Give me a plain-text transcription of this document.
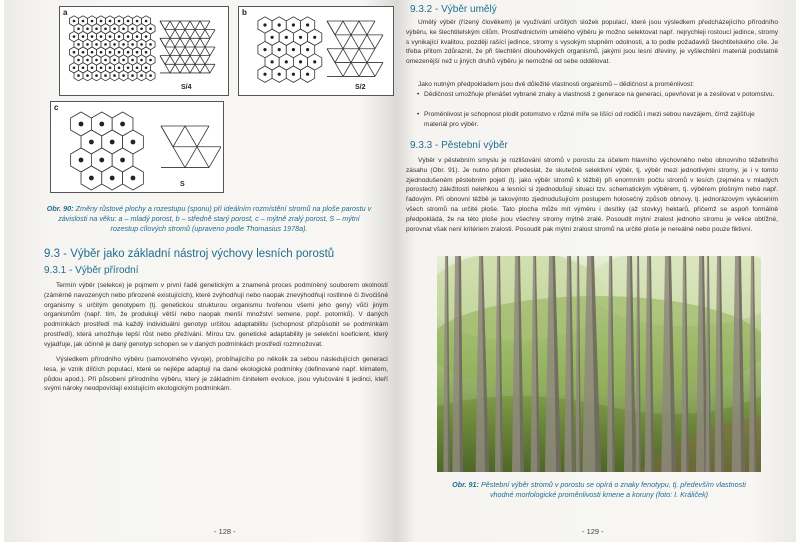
a
S/4
b
S/2
c
S
Obr. 90: Změny růstové plochy a rozestupu (sponu) při ideálním rozmístění stromů na ploše parostu v závislosti na věku: a – mladý porost, b – středně starý porost, c – mýtně zralý porost, S – mýtní rozestup cílových stromů (upraveno podle Thomasius 1978a).
9.3 - Výběr jako základní nástroj výchovy lesních porostů
9.3.1 - Výběr přírodní
Termín výběr (selekce) je pojmem v první řadě genetickým a znamená proces podmíněný souborem okolností (záměrně navozených nebo přirozeně existujících), které zvýhodňují nebo naopak znevýhodňují rostlinné či živočišné organismy s určitým genotypem (tj. genetickou strukturou organismu tvořenou všemi jeho geny) vůči jiným organismům (např. tím, že produkují větší nebo naopak menší množství semene, popř. potomků). V daných podmínkách prostředí má každý individuální genotyp určitou adaptabilitu (schopnost přizpůsobit se podmínkám prostředí), která umožňuje lepší růst nebo přežívání. Mírou tzv. genetické adaptability je selekční koeficient, který vyjadřuje, jak účinně je daný genotyp schopen se v daných podmínkách prostředí rozmnožovat.
Výsledkem přírodního výběru (samovolného vývoje), probíhajícího po několik za sebou následujících generací lesa, je vznik dílčích populací, které se nejlépe adaptují na dané ekologické podmínky (definované např. klimatem, půdou apod.). Při působení přírodního výběru, který je základním činitelem evoluce, jsou vylučováni ti jedinci, kteří svými nároky neodpovídají existujícím ekologickým podmínkám.
- 128 -
9.3.2 - Výběr umělý
Umělý výběr (řízený člověkem) je využívání určitých složek populací, které jsou výsledkem předcházejícího přírodního výběru, ke šlechtitelským cílům. Prostřednictvím umělého výběru je možno selektovat např. nejrychleji rostoucí jedince, stromy s vynikající kvalitou, později rašící jedince, stromy s vysokým stupněm odolnosti, a to podle požadavků šlechtitelského cíle. Je třeba přitom zdůraznit, že při šlechtění dlouhověkých organismů, jakými jsou lesní dřeviny, je vyšlechtění materiál podstatně omezenější než u jiných druhů výběru je nemožné od sebe oddělovat.
Jako nutným předpokladem jsou dvě důležité vlastnosti organismů – dědičnost a proměnlivost:
• Dědičnost umožňuje přenášet vybrané znaky a vlastnosti z generace na generaci, upevňovat je a zesilovat v potomstvu.
• Proměnlivost je schopnost plodit potomstvo v různé míře se lišící od rodičů i mezi sebou navzájem, čímž zajišťuje materiál pro výběr.
9.3.3 - Pěstební výběr
Výběr v pěstebním smyslu je rozlišování stromů v porostu za účelem hlavního výchovného nebo obnovního těžebního zásahu (Obr. 91). Je nutno přitom předeslat, že skutečně selektivní výběr, tj. výběr mezi jednotlivými stromy, je i v tomto zjednodušeném pěstebním pojetí (tj. jako výběr stromů k těžbě) při enormním počtu stromů v lesích (zejména v mladých porostech) záležitostí nelehkou a lesníci si zjednodušují situaci tzv. schematickým výběrem, tj. výběrem plošným nebo např. řadovým. Při obnovní těžbě je takovýmto zjednodušujícím postupem holosečný způsob obnovy, tj. jednorázovým vykácením všech stromů na určité ploše. Tato plocha může mít výměru i desítky (až stovky) hektarů, přičemž se aspoň formálně předpokládá, že na této ploše jsou všechny stromy mýtně zralé. Posoudit mýtní zralost jednoho stromu je velice obtížné, porovnat však není kritériem zralosti. Posoudit pak mýtní zralost stromů na určité ploše je nereálné nebo pouze fiktivní.
Obr. 91: Pěstební výběr stromů v porostu se opírá o znaky fenotypu, tj. především vlastnosti vhodné morfologické proměnlivosti kmene a koruny (foto: I. Králiček)
- 129 -
